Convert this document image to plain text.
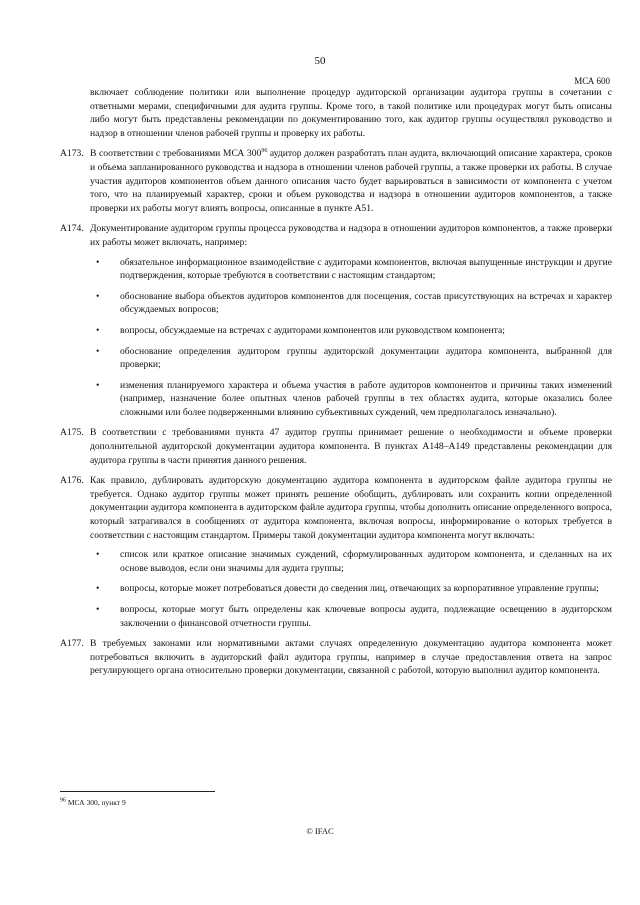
50
МСА 600
включает соблюдение политики или выполнение процедур аудиторской организации аудитора группы в сочетании с ответными мерами, специфичными для аудита группы. Кроме того, в такой политике или процедурах могут быть описаны либо могут быть представлены рекомендации по документированию того, как аудитор группы осуществлял руководство и надзор в отношении членов рабочей группы и проверку их работы.
A173. В соответствии с требованиями МСА $300^{96}$ аудитор должен разработать план аудита, включающий описание характера, сроков и объема запланированного руководства и надзора в отношении членов рабочей группы, а также проверки их работы. В случае участия аудиторов компонентов объем данного описания часто будет варьироваться в зависимости от компонента с учетом того, что на планируемый характер, сроки и объем руководства и надзора в отношении аудиторов компонентов, а также проверки их работы могут влиять вопросы, описанные в пункте A51.
A174. Документирование аудитором группы процесса руководства и надзора в отношении аудиторов компонентов, а также проверки их работы может включать, например:
• обязательное информационное взаимодействие с аудиторами компонентов, включая выпущенные инструкции и другие подтверждения, которые требуются в соответствии с настоящим стандартом;
• обоснование выбора объектов аудиторов компонентов для посещения, состав присутствующих на встречах и характер обсуждаемых вопросов;
• вопросы, обсуждаемые на встречах с аудиторами компонентов или руководством компонента;
• обоснование определения аудитором группы аудиторской документации аудитора компонента, выбранной для проверки;
• изменения планируемого характера и объема участия в работе аудиторов компонентов и причины таких изменений (например, назначение более опытных членов рабочей группы в тех областях аудита, которые оказались более сложными или более подверженными влиянию субъективных суждений, чем предполагалось изначально).
A175. В соответствии с требованиями пункта 47 аудитор группы принимает решение о необходимости и объеме проверки дополнительной аудиторской документации аудитора компонента. В пунктах A148–A149 представлены рекомендации для аудитора группы в части принятия данного решения.
A176. Как правило, дублировать аудиторскую документацию аудитора компонента в аудиторском файле аудитора группы не требуется. Однако аудитор группы может принять решение обобщить, дублировать или сохранить копии определенной документации аудитора компонента в аудиторском файле аудитора группы, чтобы дополнить описание определенного вопроса, который затрагивался в сообщениях от аудитора компонента, включая вопросы, информирование о которых требуется в соответствии с настоящим стандартом. Примеры такой документации аудитора компонента могут включать:
• список или краткое описание значимых суждений, сформулированных аудитором компонента, и сделанных на их основе выводов, если они значимы для аудита группы;
• вопросы, которые может потребоваться довести до сведения лиц, отвечающих за корпоративное управление группы;
• вопросы, которые могут быть определены как ключевые вопросы аудита, подлежащие освещению в аудиторском заключении о финансовой отчетности группы.
A177. В требуемых законами или нормативными актами случаях определенную документацию аудитора компонента может потребоваться включить в аудиторский файл аудитора группы, например в случае предоставления ответа на запрос регулирующего органа относительно проверки документации, связанной с работой, которую выполнил аудитор компонента.
$^{96}$ МСА 300, пункт 9
© IFAC
